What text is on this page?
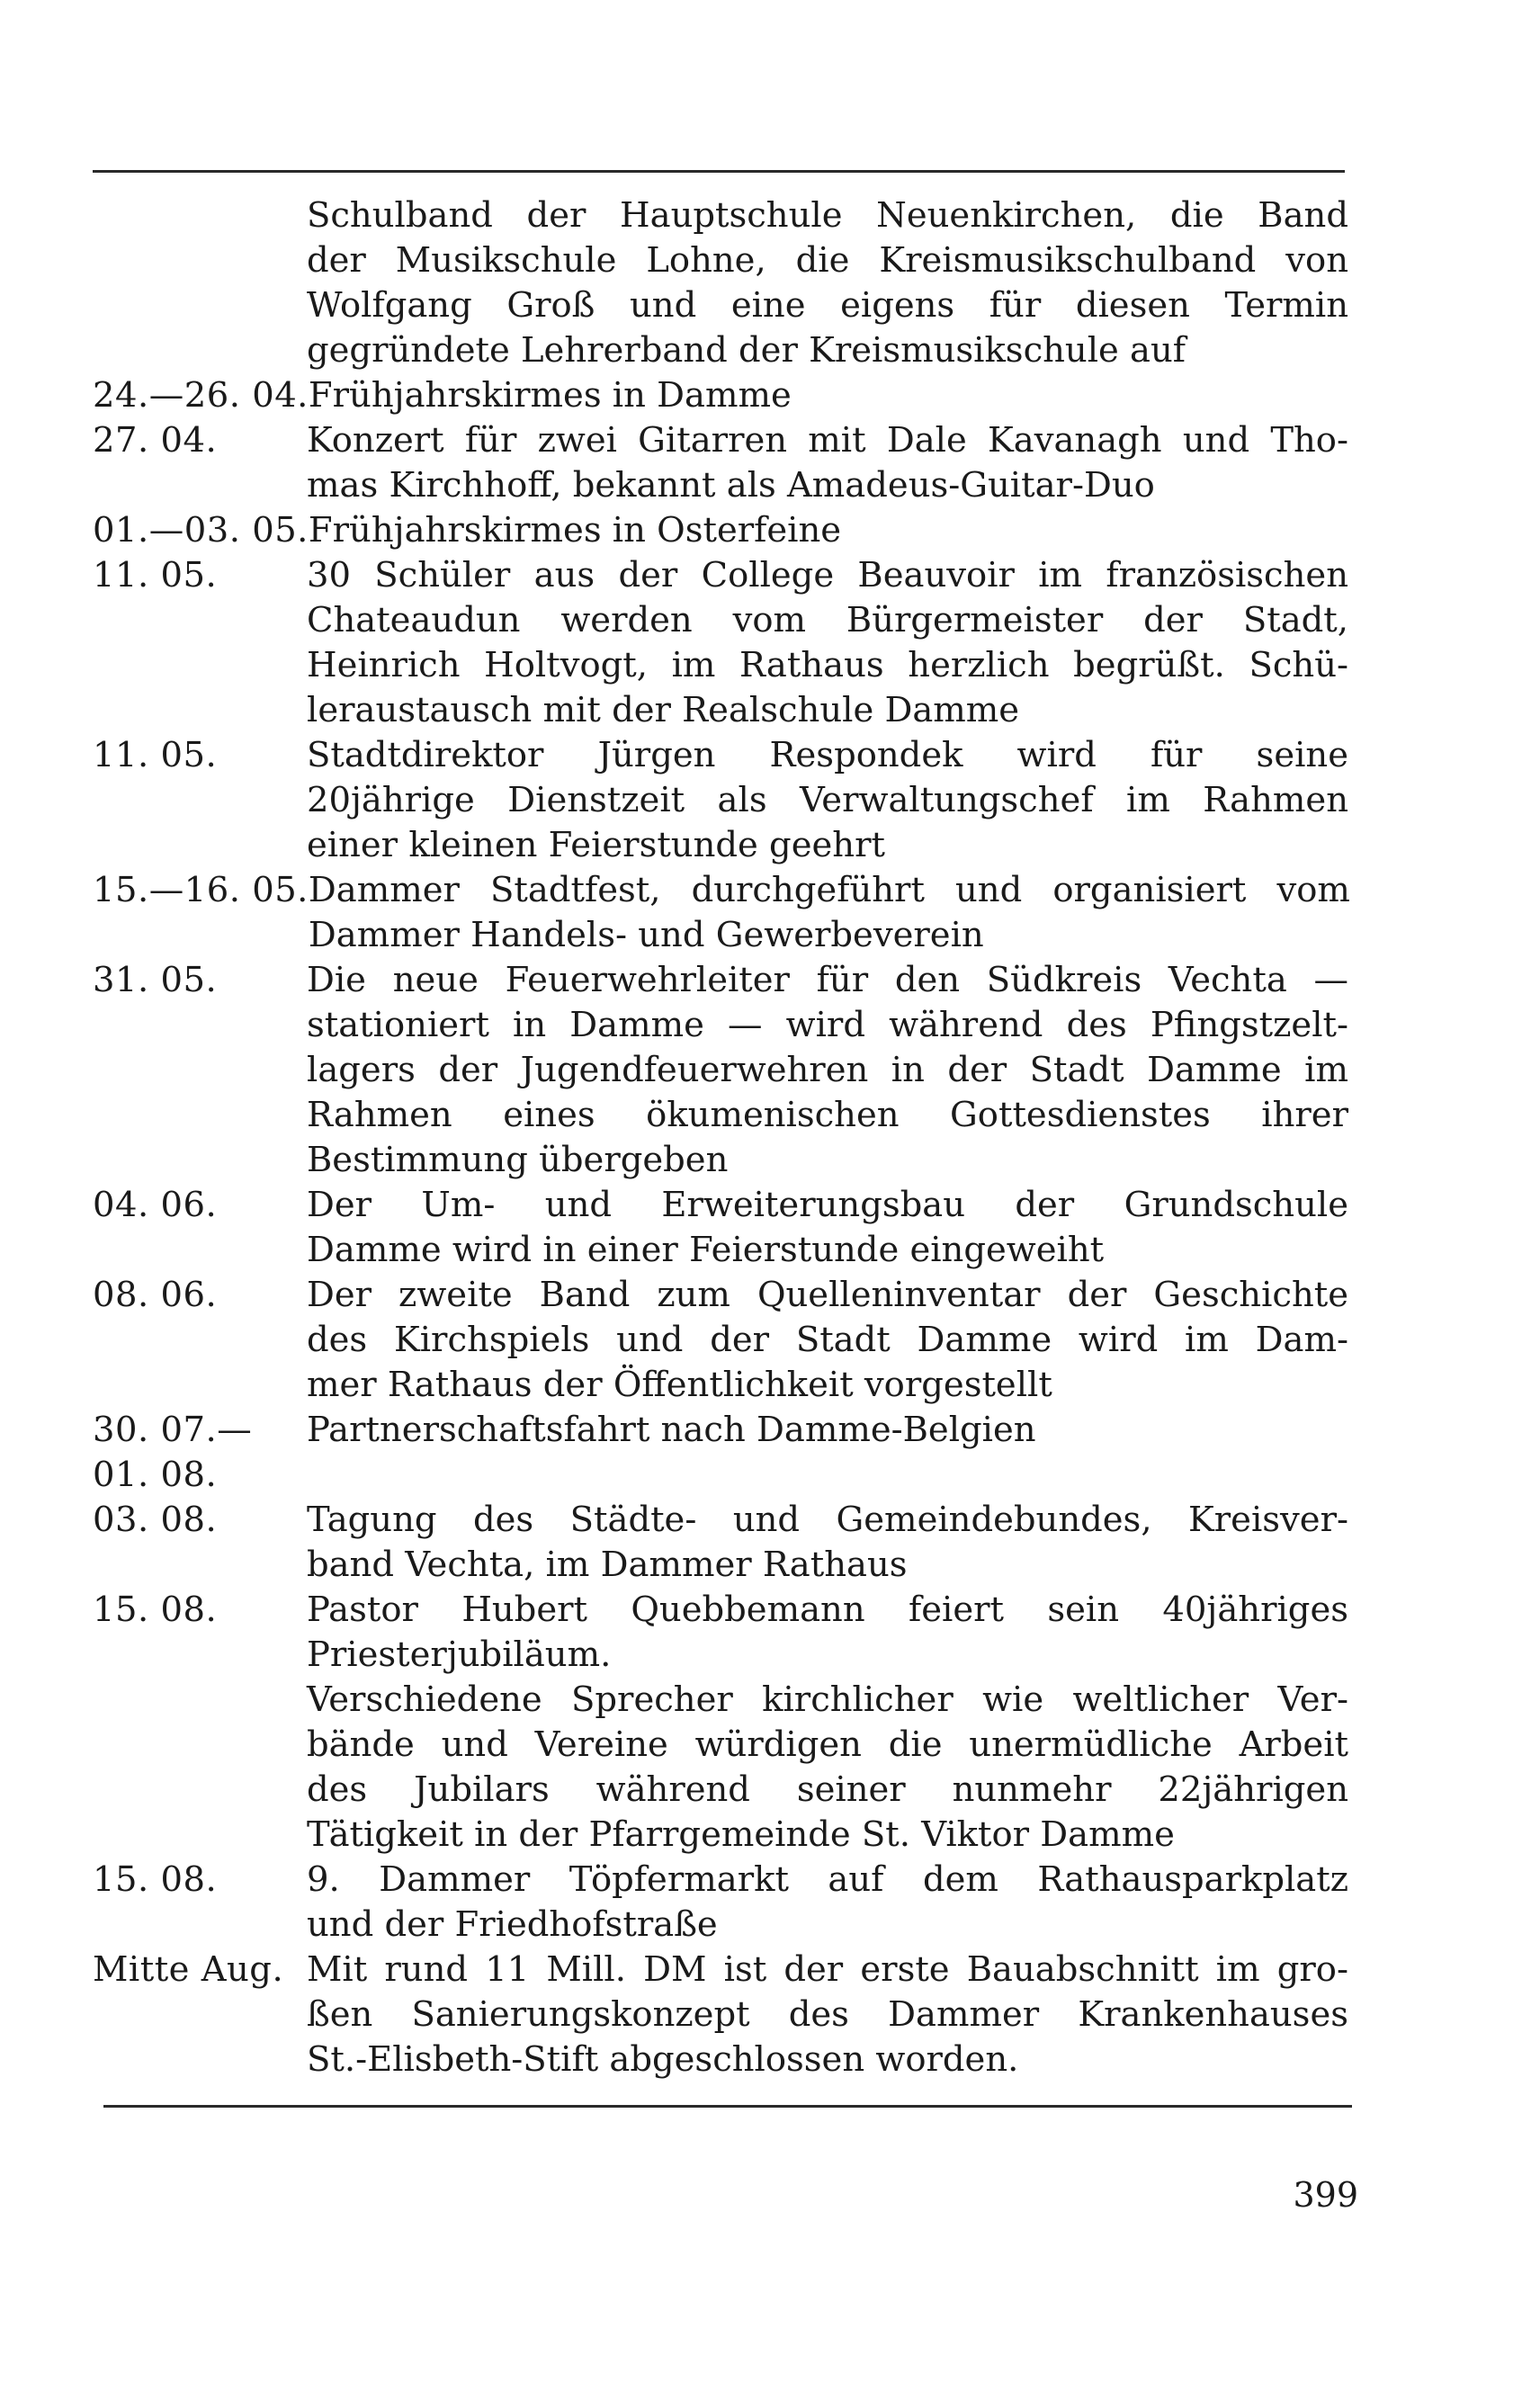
Schulband der Hauptschule Neuenkirchen, die Band
der Musikschule Lohne, die Kreismusikschulband von
Wolfgang Groß und eine eigens für diesen Termin
gegründete Lehrerband der Kreismusikschule auf
24.—26. 04. Frühjahrskirmes in Damme
27. 04.	Konzert für zwei Gitarren mit Dale Kavanagh und Tho-
mas Kirchhoff, bekannt als Amadeus-Guitar-Duo
01.—03. 05. Frühjahrskirmes in Osterfeine
11. 05.	30 Schüler aus der College Beauvoir im französischen
Chateaudun werden vom Bürgermeister der Stadt,
Heinrich Holtvogt, im Rathaus herzlich begrüßt. Schü-
leraustausch mit der Realschule Damme
11. 05.	Stadtdirektor Jürgen Respondek wird für seine
20jährige Dienstzeit als Verwaltungschef im Rahmen
einer kleinen Feierstunde geehrt
15.—16. 05. Dammer Stadtfest, durchgeführt und organisiert vom
Dammer Handels- und Gewerbeverein
31. 05.	Die neue Feuerwehrleiter für den Südkreis Vechta —
stationiert in Damme — wird während des Pfingstzelt-
lagers der Jugendfeuerwehren in der Stadt Damme im
Rahmen eines ökumenischen Gottesdienstes ihrer
Bestimmung übergeben
04. 06.	Der Um- und Erweiterungsbau der Grundschule
Damme wird in einer Feierstunde eingeweiht
08. 06.	Der zweite Band zum Quelleninventar der Geschichte
des Kirchspiels und der Stadt Damme wird im Dam-
mer Rathaus der Öffentlichkeit vorgestellt
30. 07.—	Partnerschaftsfahrt nach Damme-Belgien
01. 08.

03. 08.	Tagung des Städte- und Gemeindebundes, Kreisver-
band Vechta, im Dammer Rathaus
15. 08.	Pastor Hubert Quebbemann feiert sein 40jähriges
Priesterjubiläum.
Verschiedene Sprecher kirchlicher wie weltlicher Ver-
bände und Vereine würdigen die unermüdliche Arbeit
des Jubilars während seiner nunmehr 22jährigen
Tätigkeit in der Pfarrgemeinde St. Viktor Damme
15. 08.	9. Dammer Töpfermarkt auf dem Rathausparkplatz
und der Friedhofstraße
Mitte Aug. Mit rund 11 Mill. DM ist der erste Bauabschnitt im gro-
ßen Sanierungskonzept des Dammer Krankenhauses
St.-Elisbeth-Stift abgeschlossen worden.
399
